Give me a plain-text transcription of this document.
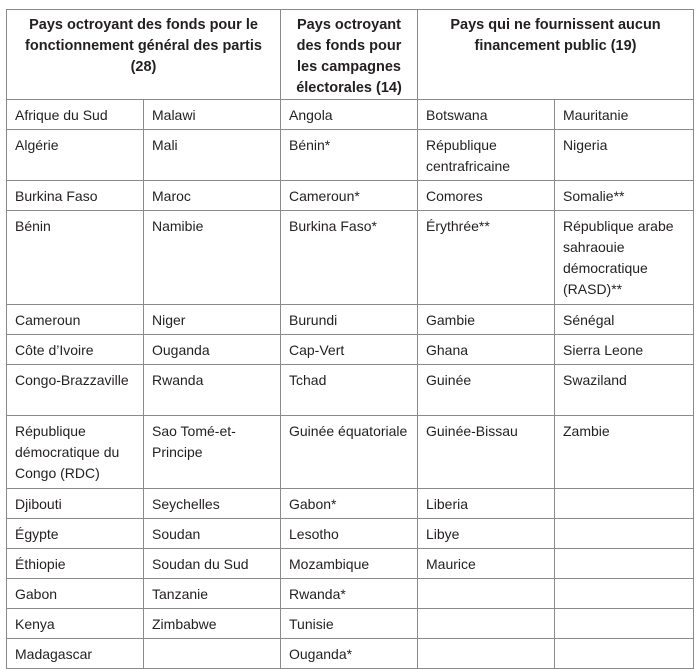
Pays octroyant des fonds pour le fonctionnement général des partis (28)		Pays octroyant des fonds pour les campagnes électorales (14)	Pays qui ne fournissent aucun financement public (19)	
Afrique du Sud	Malawi	Angola	Botswana	Mauritanie
Algérie	Mali	Bénin*	République centrafricaine	Nigeria
Burkina Faso	Maroc	Cameroun*	Comores	Somalie**
Bénin	Namibie	Burkina Faso*	Érythrée**	République arabe sahraouie démocratique (RASD)**
Cameroun	Niger	Burundi	Gambie	Sénégal
Côte d’Ivoire	Ouganda	Cap-Vert	Ghana	Sierra Leone
Congo-Brazzaville	Rwanda	Tchad	Guinée	Swaziland
République démocratique du Congo (RDC)	Sao Tomé-et-Principe	Guinée équatoriale	Guinée-Bissau	Zambie
Djibouti	Seychelles	Gabon*	Liberia	
Égypte	Soudan	Lesotho	Libye	
Éthiopie	Soudan du Sud	Mozambique	Maurice	
Gabon	Tanzanie	Rwanda*		
Kenya	Zimbabwe	Tunisie		
Madagascar		Ouganda*		
